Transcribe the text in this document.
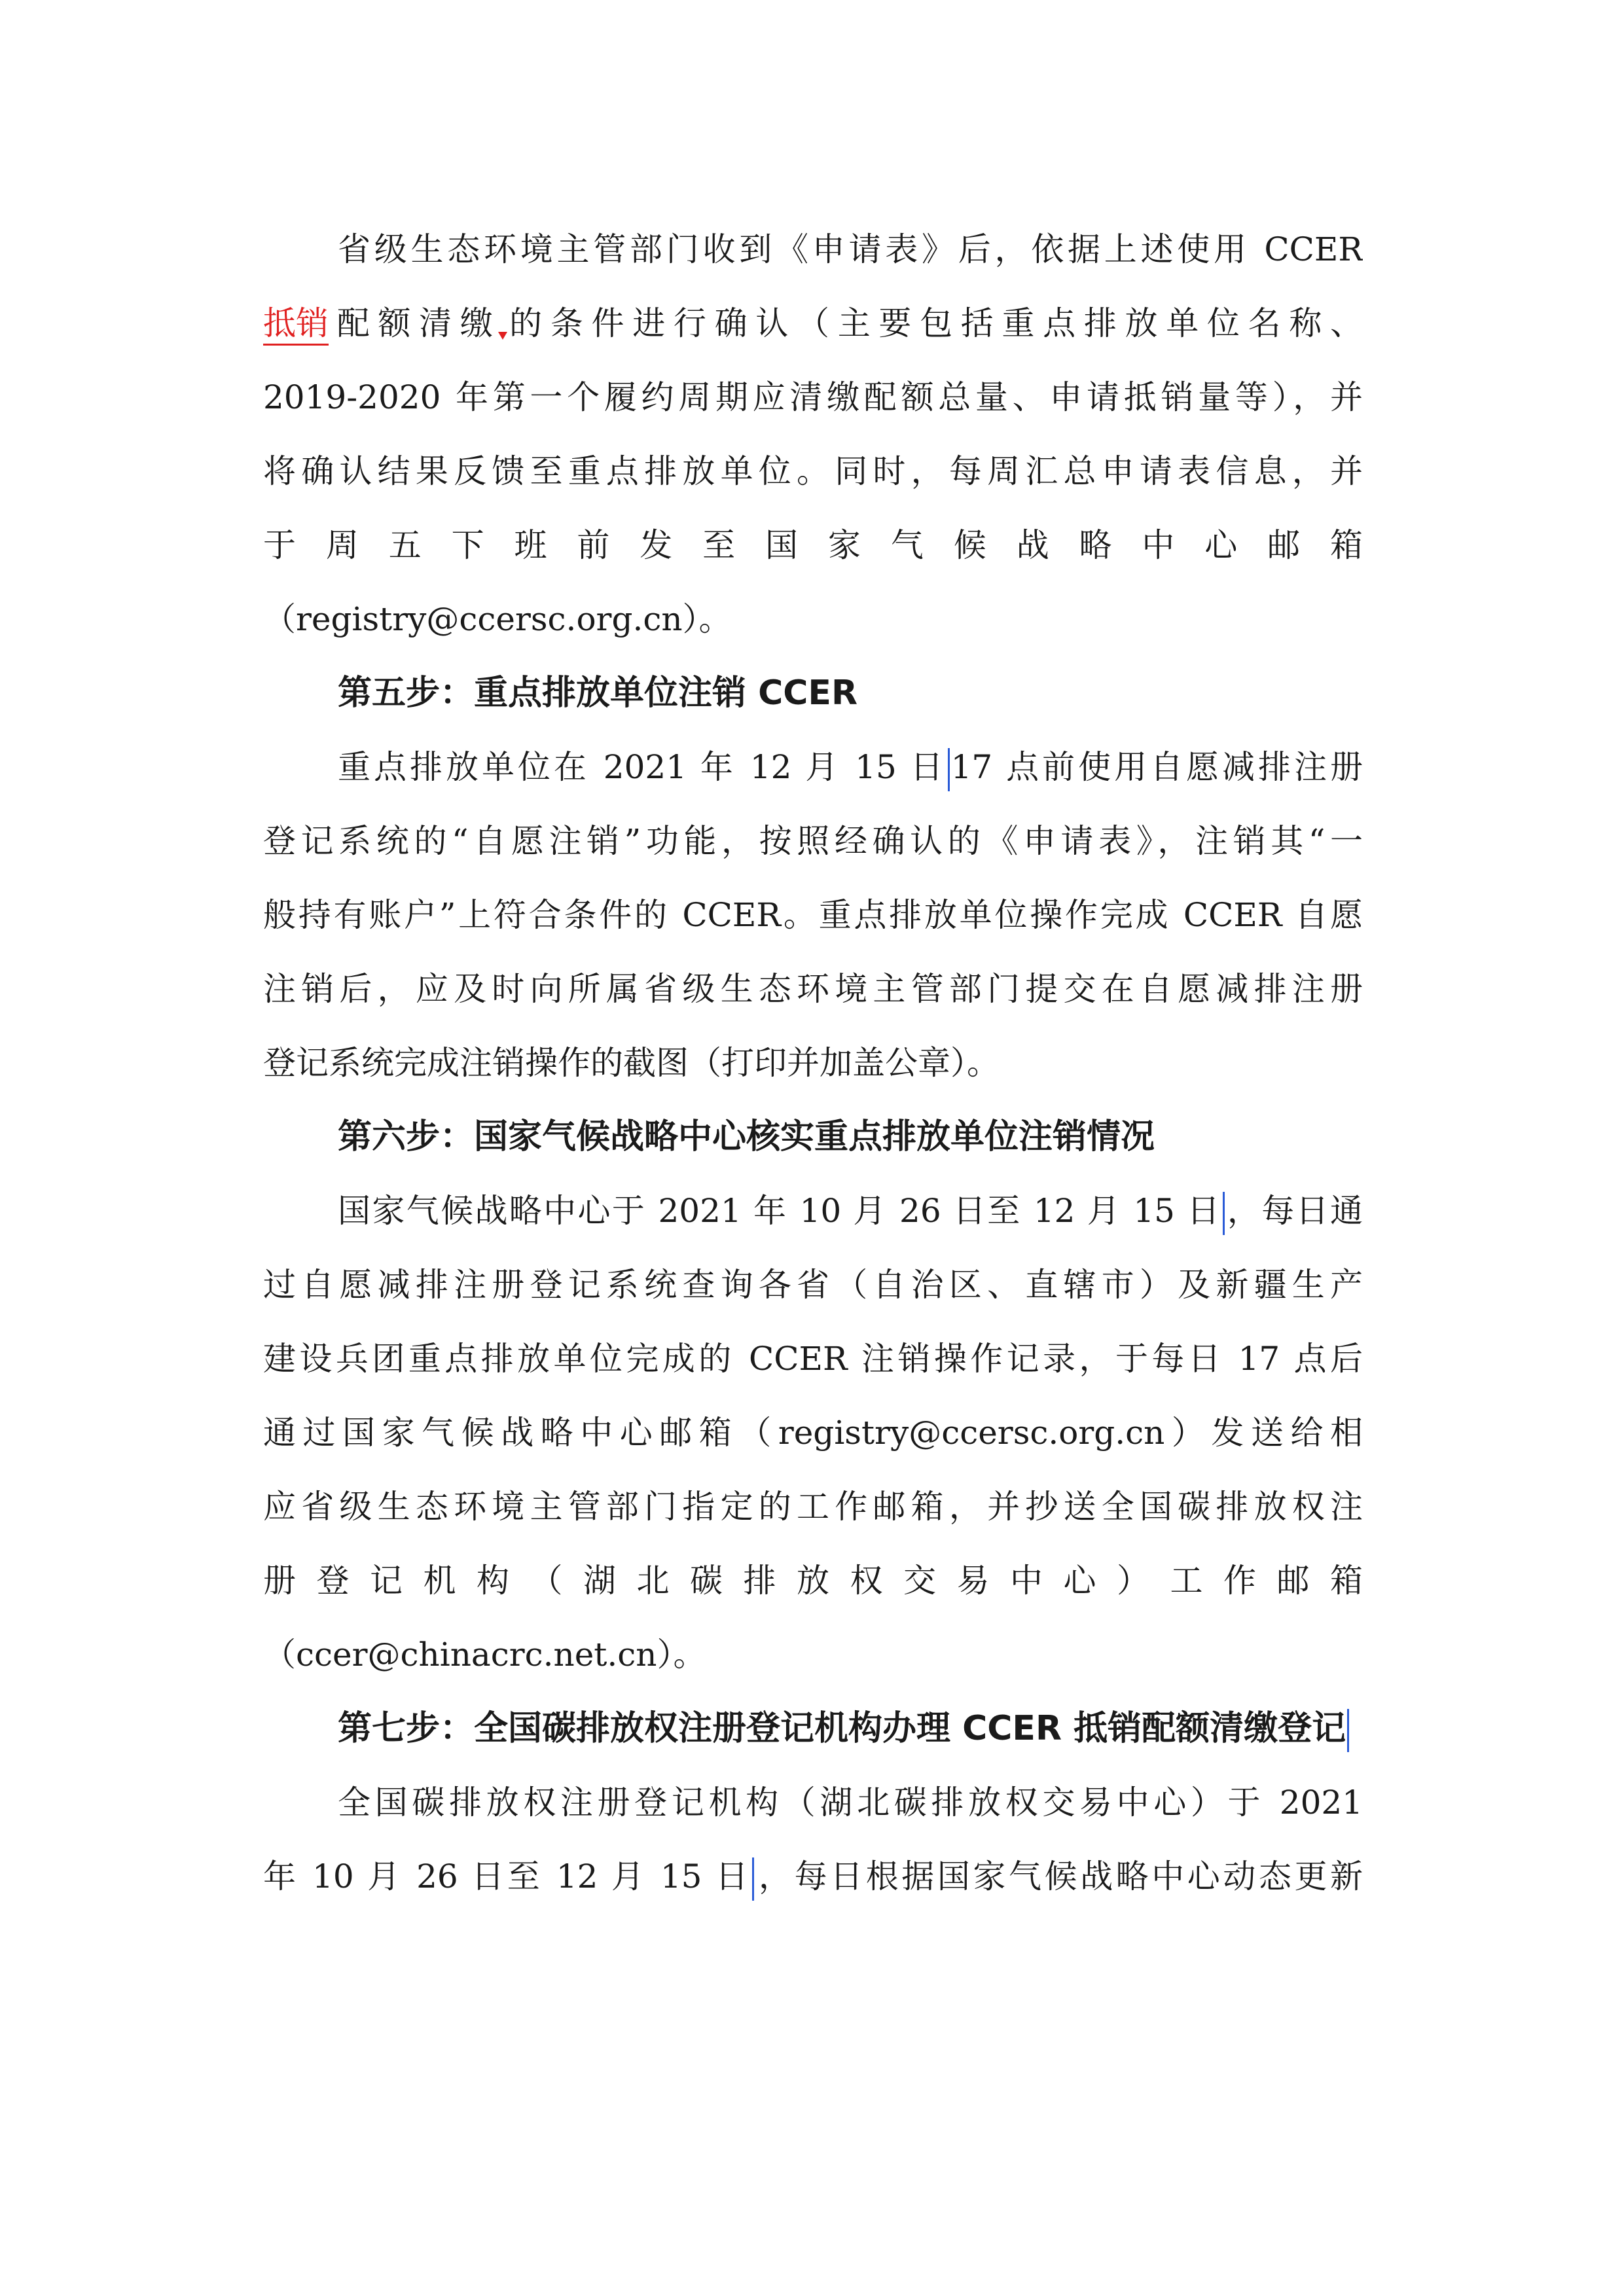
省级生态环境主管部门收到《申请表》后，依据上述使用 CCER
抵销配额清缴的条件进行确认（主要包括重点排放单位名称、
2019-2020 年第一个履约周期应清缴配额总量、申请抵销量等），并
将确认结果反馈至重点排放单位。同时，每周汇总申请表信息，并
于 周 五 下 班 前 发 至 国 家 气 候 战 略 中 心 邮 箱
（registry@ccersc.org.cn）。
第五步：重点排放单位注销 CCER
重点排放单位在 2021 年 12 月 15 日 17 点前使用自愿减排注册
登记系统的“自愿注销”功能，按照经确认的《申请表》，注销其“一
般持有账户”上符合条件的 CCER。重点排放单位操作完成 CCER 自愿
注销后，应及时向所属省级生态环境主管部门提交在自愿减排注册
登记系统完成注销操作的截图（打印并加盖公章）。
第六步：国家气候战略中心核实重点排放单位注销情况
国家气候战略中心于 2021 年 10 月 26 日至 12 月 15 日 ，每日通
过自愿减排注册登记系统查询各省（自治区、直辖市）及新疆生产
建设兵团重点排放单位完成的 CCER 注销操作记录，于每日 17 点后
通过国家气候战略中心邮箱（registry@ccersc.org.cn）发送给相
应省级生态环境主管部门指定的工作邮箱，并抄送全国碳排放权注
册 登 记 机 构 （ 湖 北 碳 排 放 权 交 易 中 心 ） 工 作 邮 箱
（ccer@chinacrc.net.cn）。
第七步：全国碳排放权注册登记机构办理 CCER 抵销配额清缴登记
全国碳排放权注册登记机构（湖北碳排放权交易中心）于 2021
年 10 月 26 日至 12 月 15 日 ，每日根据国家气候战略中心动态更新
